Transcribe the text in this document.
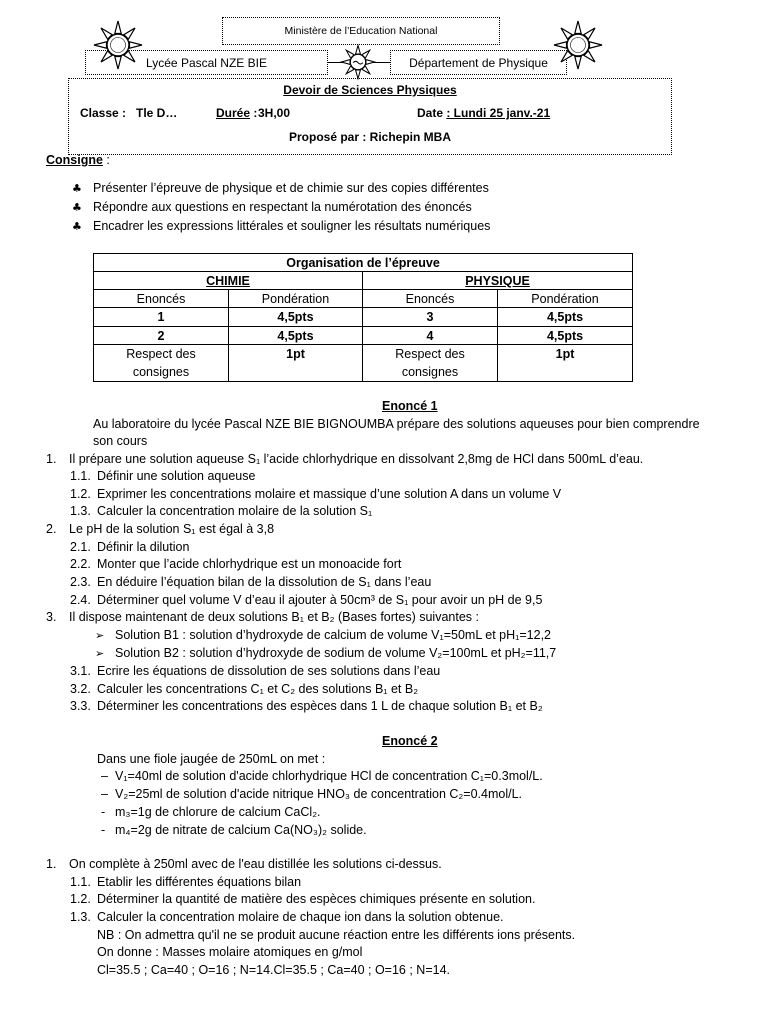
Ministère de l’Education National
Lycée Pascal NZE BIE	Département de Physique
Devoir de Sciences Physiques
Classe : Tle D…	Durée : 3H,00	Date : Lundi 25 janv.-21
Proposé par : Richepin MBA
Consigne :
♣
Présenter l’épreuve de physique et de chimie sur des copies différentes
♣
Répondre aux questions en respectant la numérotation des énoncés
♣
Encadrer les expressions littérales et souligner les résultats numériques
Organisation de l’épreuve			
CHIMIE		PHYSIQUE	
Enoncés	Pondération	Enoncés	Pondération
1	4,5pts	3	4,5pts
2	4,5pts	4	4,5pts
Respect des consignes	1pt	Respect des consignes	1pt
Enoncé 1
Au laboratoire du lycée Pascal NZE BIE BIGNOUMBA prépare des solutions aqueuses pour bien comprendre
son cours
1. Il prépare une solution aqueuse S₁ l’acide chlorhydrique en dissolvant 2,8mg de HCl dans 500mL d’eau.
1.1. Définir une solution aqueuse
1.2. Exprimer les concentrations molaire et massique d’une solution A dans un volume V
1.3. Calculer la concentration molaire de la solution S₁
2. Le pH de la solution S₁ est égal à 3,8
2.1. Définir la dilution
2.2. Monter que l’acide chlorhydrique est un monoacide fort
2.3. En déduire l’équation bilan de la dissolution de S₁ dans l’eau
2.4. Déterminer quel volume V d’eau il ajouter à 50cm³ de S₁ pour avoir un pH de 9,5
3. Il dispose maintenant de deux solutions B₁ et B₂ (Bases fortes) suivantes :
➢
Solution B1 : solution d’hydroxyde de calcium de volume V₁=50mL et pH₁=12,2
➢
Solution B2 : solution d’hydroxyde de sodium de volume V₂=100mL et pH₂=11,7
3.1. Ecrire les équations de dissolution de ses solutions dans l’eau
3.2. Calculer les concentrations C₁ et C₂ des solutions B₁ et B₂
3.3. Déterminer les concentrations des espèces dans 1 L de chaque solution B₁ et B₂
Enoncé 2
Dans une fiole jaugée de 250mL on met :
– V₁=40ml de solution d'acide chlorhydrique HCl de concentration C₁=0.3mol/L.
– V₂=25ml de solution d'acide nitrique HNO₃ de concentration C₂=0.4mol/L.
- m₃=1g de chlorure de calcium CaCl₂.
- m₄=2g de nitrate de calcium Ca(NO₃)₂ solide.
1. On complète à 250ml avec de l'eau distillée les solutions ci-dessus.
1.1. Etablir les différentes équations bilan
1.2. Déterminer la quantité de matière des espèces chimiques présente en solution.
1.3. Calculer la concentration molaire de chaque ion dans la solution obtenue.
NB : On admettra qu'il ne se produit aucune réaction entre les différents ions présents.
On donne : Masses molaire atomiques en g/mol
Cl=35.5 ; Ca=40 ; O=16 ; N=14.Cl=35.5 ; Ca=40 ; O=16 ; N=14.
